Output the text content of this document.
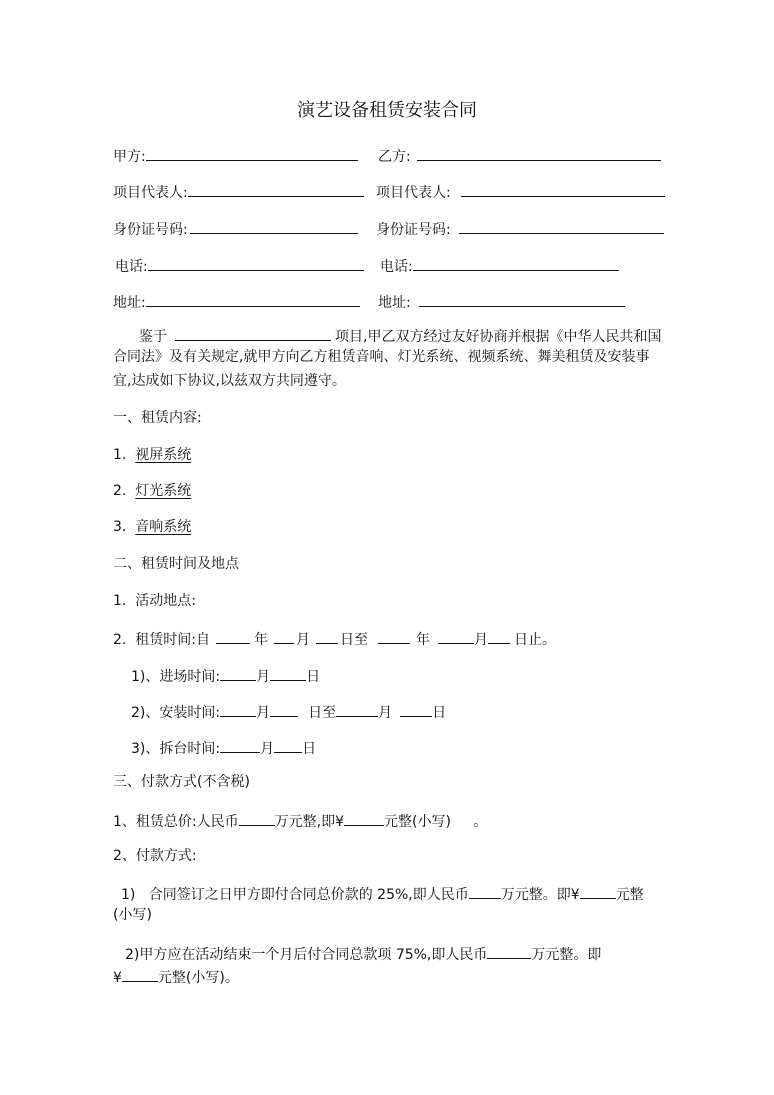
演艺设备租赁安装合同
甲方:	乙方:
项目代表人:	项目代表人:
身份证号码:	身份证号码:
电话:	电话:
地址:	地址:
鉴于	项目,甲乙双方经过友好协商并根据《中华人民共和国
合同法》及有关规定,就甲方向乙方租赁音响、灯光系统、视频系统、舞美租赁及安装事
宜,达成如下协议,以兹双方共同遵守。
一、租赁内容:
1. 视屏系统
2. 灯光系统
3. 音响系统
二、租赁时间及地点
1. 活动地点:
2. 租赁时间:自	年 月 日至	年	月 日止。
1)、进场时间:	月	日
2)、安装时间:	月	日至	月	日
3)、拆台时间:	月 日
三、付款方式(不含税)
1、租赁总价:人民币	万元整,即¥	元整(小写) 。
2、付款方式:
1) 合同签订之日甲方即付合同总价款的 25%,即人民币 万元整。即¥	元整
(小写)
2)甲方应在活动结束一个月后付合同总款项 75%,即人民币	万元整。即
¥	元整(小写)。
